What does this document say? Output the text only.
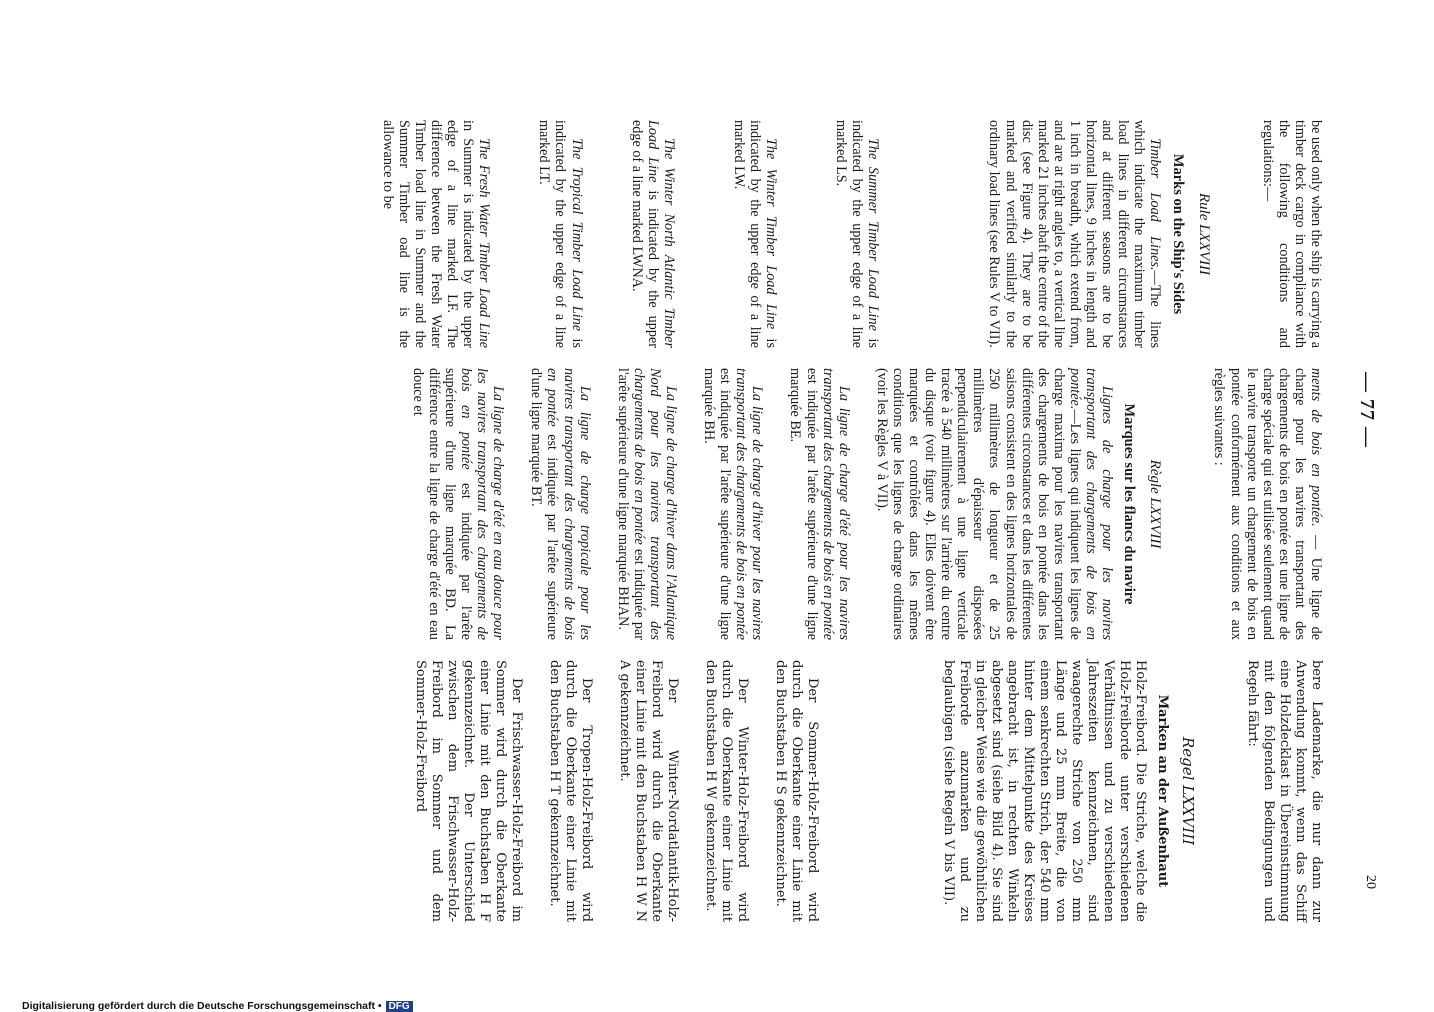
— 77 —
20

be used only when the ship is carrying a timber deck cargo in compliance with the following conditions and regulations:—

Rule LXXVIII

Marks on the Ship's Sides

Timber Load Lines.—The lines which indicate the maximum timber load lines in different circumstances and at different seasons are to be horizontal lines, 9 inches in length and 1 inch in breadth, which extend from, and are at right angles to, a vertical line marked 21 inches abaft the centre of the disc (see Figure 4). They are to be marked and verified similarly to the ordinary load lines (see Rules V to VII).

The Summer Timber Load Line is indicated by the upper edge of a line marked LS.

The Winter Timber Load Line is indicated by the upper edge of a line marked LW.

The Winter North Atlantic Timber Load Line is indicated by the upper edge of a line marked LWNA.

The Tropical Timber Load Line is indicated by the upper edge of a line marked LT.

The Fresh Water Timber Load Line in Summer is indicated by the upper edge of a line marked LF. The difference between the Fresh Water Timber load line in Summer and the Summer Timber oad line is the allowance to be

ments de bois en pontée. — Une ligne de charge pour les navires transportant des chargements de bois en pontée est une ligne de charge spéciale qui est utilisée seulement quand le navire transporte un chargement de bois en pontée conformément aux conditions et aux règles suivantes :

Règle LXXVIII

Marques sur les flancs du navire

Lignes de charge pour les navires transportant des chargements de bois en pontée.—Les lignes qui indiquent les lignes de charge maxima pour les navires transportant des chargements de bois en pontée dans les différentes circonstances et dans les différentes saisons consistent en des lignes horizontales de 250 millimètres de longueur et de 25 millimètres d'épaisseur disposées perpendiculairement à une ligne verticale tracée à 540 millimètres sur l'arrière du centre du disque (voir figure 4). Elles doivent être marquées et contrôlées dans les mêmes conditions que les lignes de charge ordinaires (voir les Règles V à VII).

La ligne de charge d'été pour les navires transportant des chargements de bois en pontée est indiquée par l'arête supérieure d'une ligne marquée BE.

La ligne de charge d'hiver pour les navires transportant des chargements de bois en pontée est indiquée par l'arête supérieure d'une ligne marquée BH.

La ligne de charge d'hiver dans l'Atlantique Nord pour les navires transportant des chargements de bois en pontée est indiquée par l'arête supérieure d'une ligne marquée BHAN.

La ligne de charge tropicale pour les navires transportant des chargements de bois en pontée est indiquée par l'arête supérieure d'une ligne marquée BT.

La ligne de charge d'été en eau douce pour les navires transportant des chargements de bois en pontée est indiquée par l'arête supérieure d'une ligne marquée BD. La différence entre la ligne de charge d'été en eau douce et

bere Lademarke, die nur dann zur Anwendung kommt, wenn das Schiff eine Holzdecklast in Übereinstimmung mit den folgenden Bedingungen und Regeln fährt:

Regel LXXVIII

Marken an der Außenhaut

Holz-Freibord. Die Striche, welche die Holz-Freiborde unter verschiedenen Verhältnissen und zu verschiedenen Jahreszeiten kennzeichnen, sind waagerechte Striche von 250 mm Länge und 25 mm Breite, die von einem senkrechten Strich, der 540 mm hinter dem Mittelpunkte des Kreises angebracht ist, in rechten Winkeln abgesetzt sind (siehe Bild 4). Sie sind in gleicher Weise wie die gewöhnlichen Freiborde anzumarken und zu beglaubigen (siehe Regeln V bis VII).

Der Sommer-Holz-Freibord wird durch die Oberkante einer Linie mit den Buchstaben H S gekennzeichnet.

Der Winter-Holz-Freibord wird durch die Oberkante einer Linie mit den Buchstaben H W gekennzeichnet.

Der Winter-Nordatlantik-Holz-Freibord wird durch die Oberkante einer Linie mit den Buchstaben H W N A gekennzeichnet.

Der Tropen-Holz-Freibord wird durch die Oberkante einer Linie mit den Buchstaben H T gekennzeichnet.

Der Frischwasser-Holz-Freibord im Sommer wird durch die Oberkante einer Linie mit den Buchstaben H F gekennzeichnet. Der Unterschied zwischen dem Frischwasser-Holz-Freibord im Sommer und dem Sommer-Holz-Freibord

Digitalisierung gefördert durch die Deutsche Forschungsgemeinschaft • DFG
